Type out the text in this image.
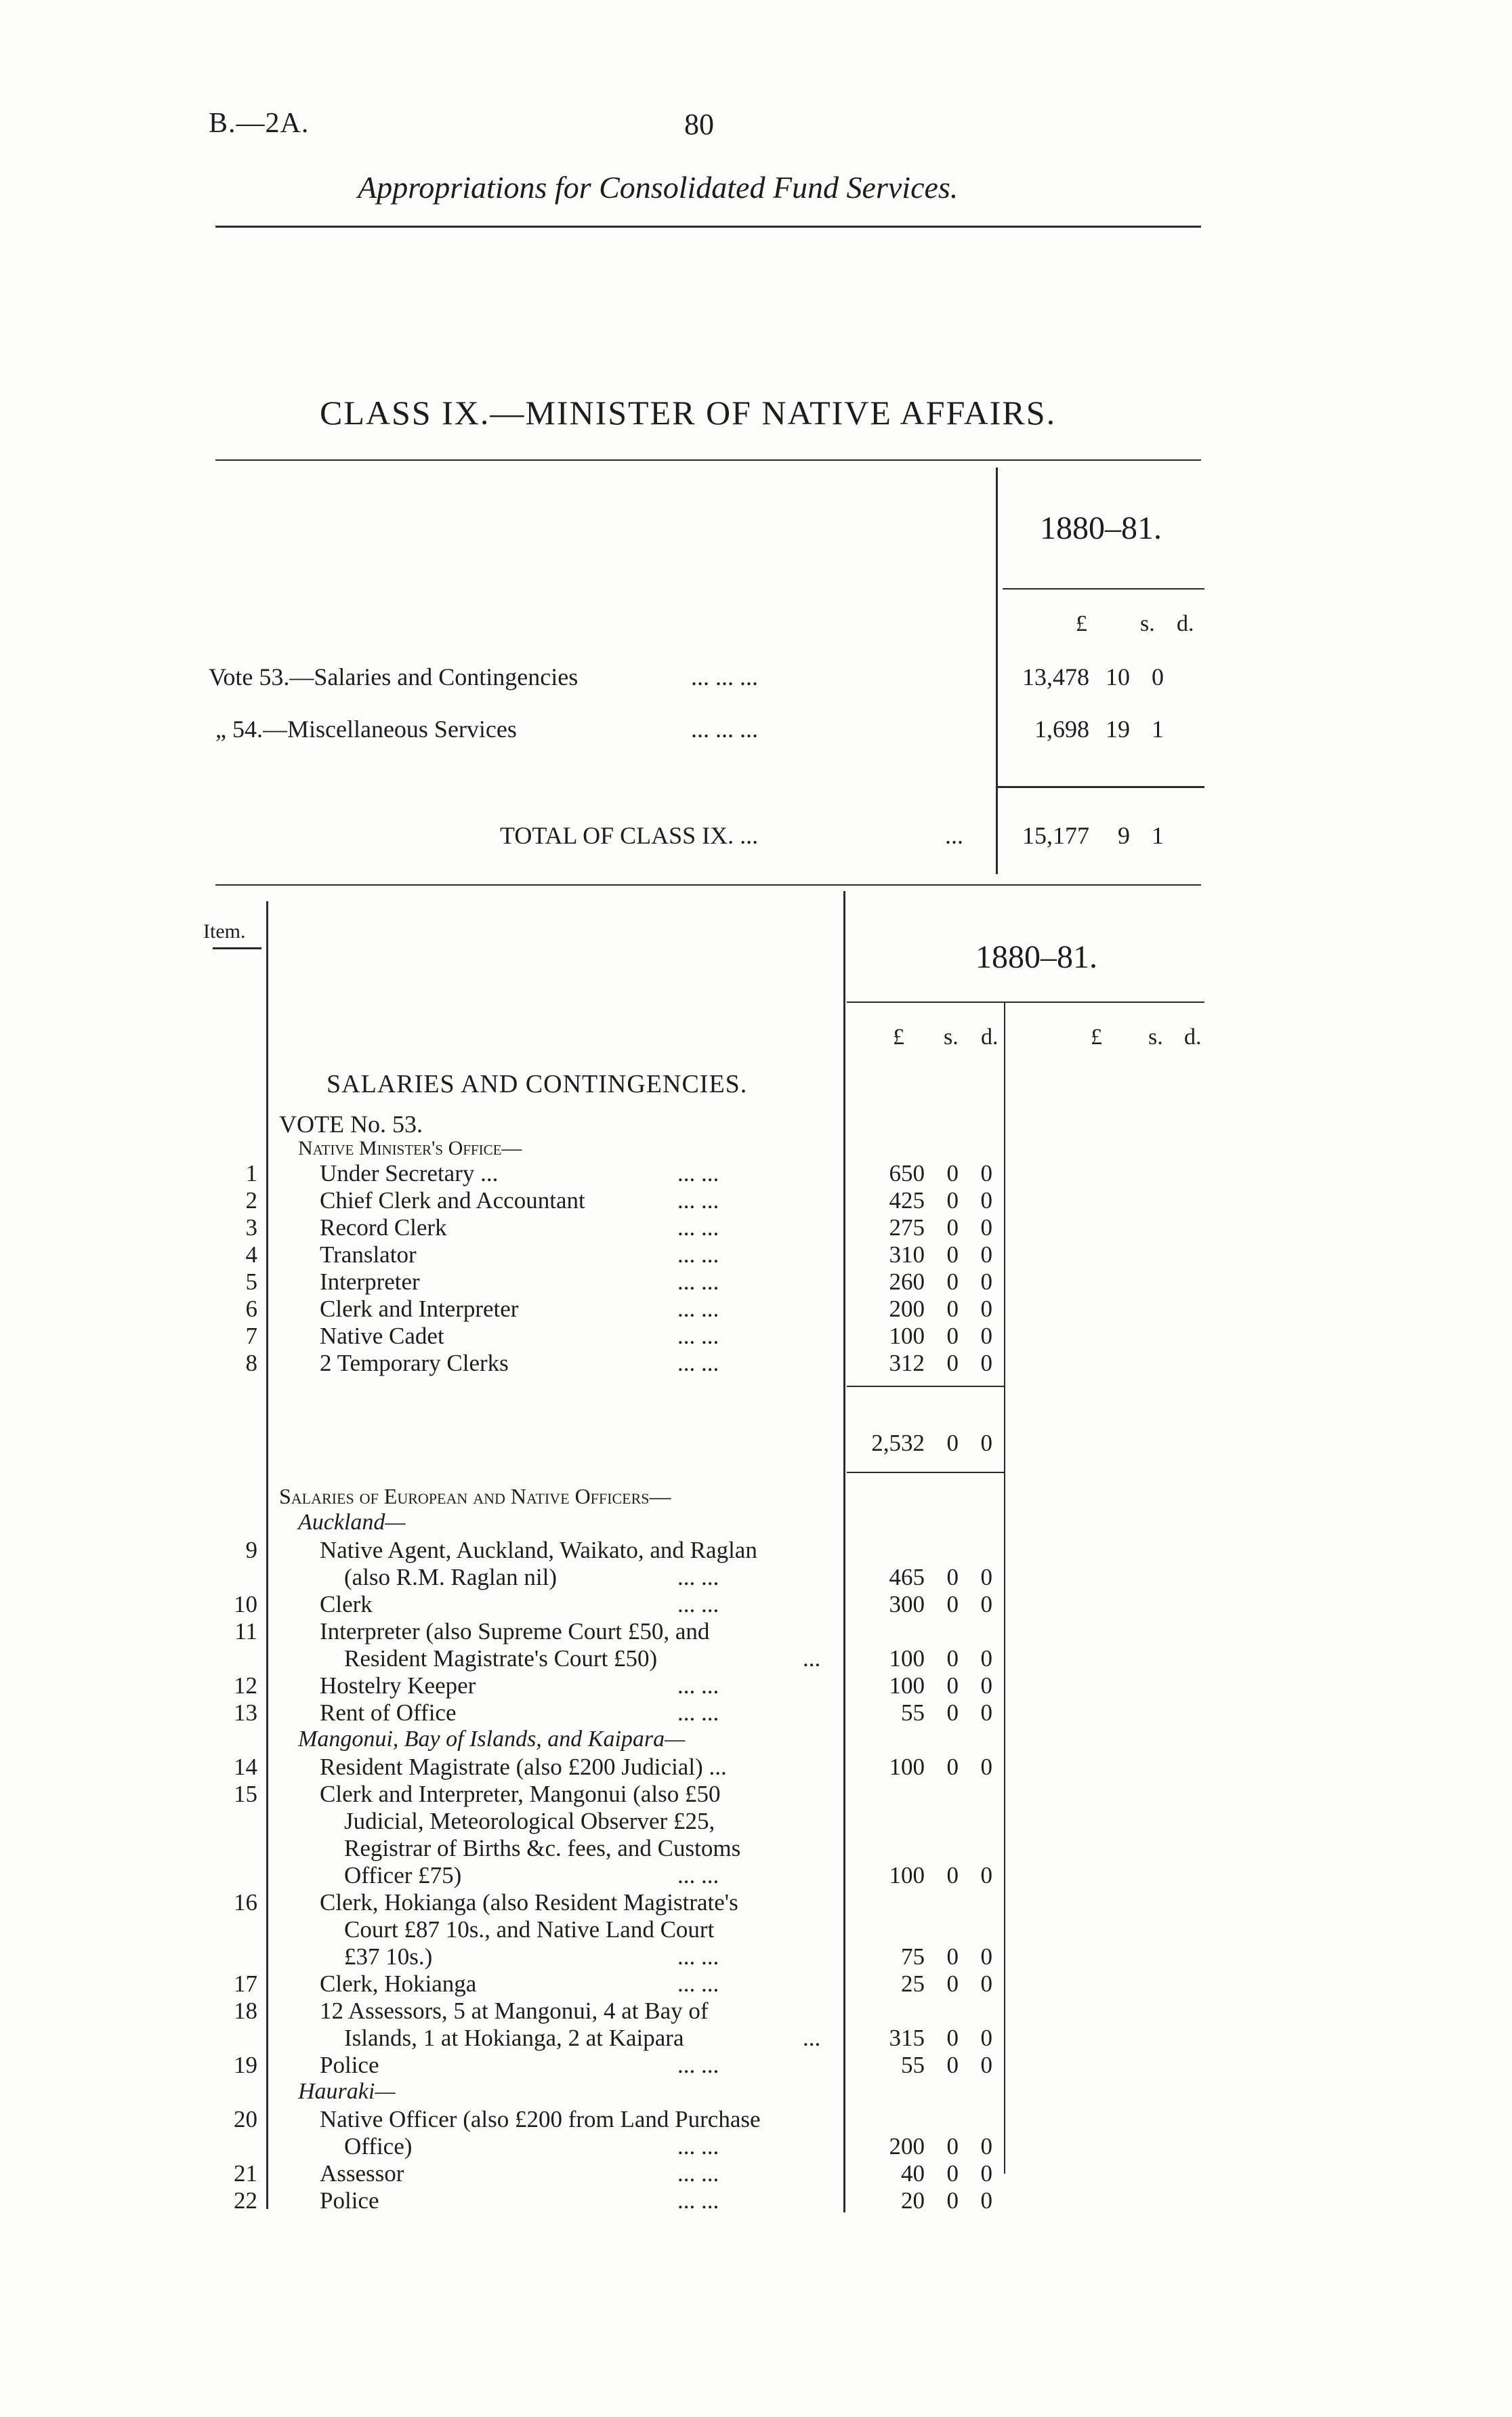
B.—2A.	80
Appropriations for Consolidated Fund Services.
CLASS IX.—MINISTER OF NATIVE AFFAIRS.
1880–81.
£ s. d.
Vote 53.—Salaries and Contingencies	... ... ...	13,478 10 0
„ 54.—Miscellaneous Services	... ... ...	1,698 19 1
TOTAL OF CLASS IX. ...	...	15,177 9 1
Item.
1880–81.
£ s. d.	£ s. d.
SALARIES AND CONTINGENCIES.
VOTE No. 53.
Native Minister's Office—
1	Under Secretary ...	... ...	650 0 0
2	Chief Clerk and Accountant	... ...	425 0 0
3	Record Clerk	... ...	275 0 0
4	Translator	... ...	310 0 0
5	Interpreter	... ...	260 0 0
6	Clerk and Interpreter	... ...	200 0 0
7	Native Cadet	... ...	100 0 0
8	2 Temporary Clerks	... ...	312 0 0
2,532 0 0
Salaries of European and Native Officers—
Auckland—
9	Native Agent, Auckland, Waikato, and Raglan
(also R.M. Raglan nil)	... ...	465 0 0
10	Clerk	... ...	300 0 0
11	Interpreter (also Supreme Court £50, and
Resident Magistrate's Court £50)	...	100 0 0
12	Hostelry Keeper	... ...	100 0 0
13	Rent of Office	... ...	55 0 0
Mangonui, Bay of Islands, and Kaipara—
14	Resident Magistrate (also £200 Judicial) ...	100 0 0
15	Clerk and Interpreter, Mangonui (also £50
Judicial, Meteorological Observer £25,
Registrar of Births &c. fees, and Customs
Officer £75)	... ...	100 0 0
16	Clerk, Hokianga (also Resident Magistrate's
Court £87 10s., and Native Land Court
£37 10s.)	... ...	75 0 0
17	Clerk, Hokianga	... ...	25 0 0
18	12 Assessors, 5 at Mangonui, 4 at Bay of
Islands, 1 at Hokianga, 2 at Kaipara	...	315 0 0
19	Police	... ...	55 0 0
Hauraki—
20	Native Officer (also £200 from Land Purchase
Office)	... ...	200 0 0
21	Assessor	... ...	40 0 0
22	Police	... ...	20 0 0
